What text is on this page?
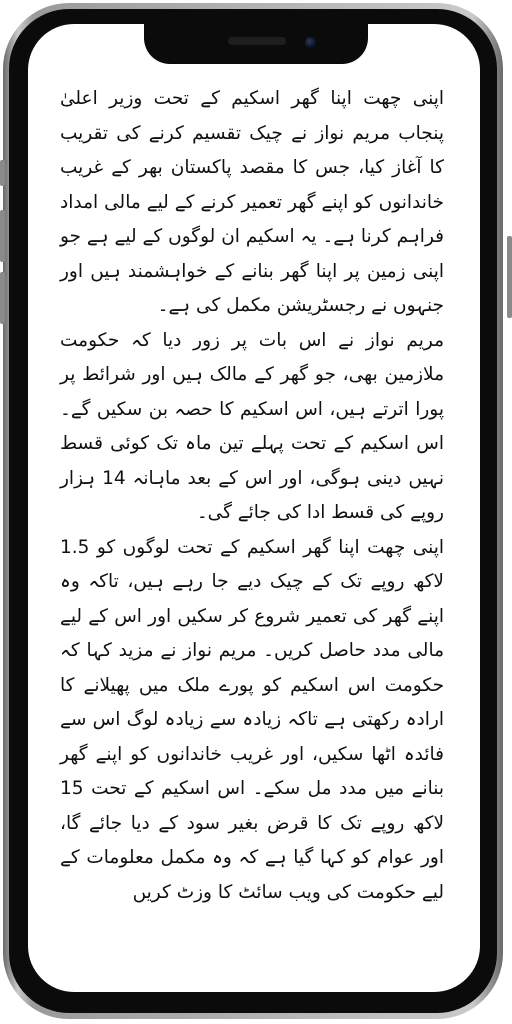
اپنی چھت اپنا گھر اسکیم کے تحت وزیر اعلیٰ پنجاب مریم نواز نے چیک تقسیم کرنے کی تقریب کا آغاز کیا، جس کا مقصد پاکستان بھر کے غریب خاندانوں کو اپنے گھر تعمیر کرنے کے لیے مالی امداد فراہم کرنا ہے۔ یہ اسکیم ان لوگوں کے لیے ہے جو اپنی زمین پر اپنا گھر بنانے کے خواہشمند ہیں اور جنہوں نے رجسٹریشن مکمل کی ہے۔

مریم نواز نے اس بات پر زور دیا کہ حکومت ملازمین بھی، جو گھر کے مالک ہیں اور شرائط پر پورا اترتے ہیں، اس اسکیم کا حصہ بن سکیں گے۔ اس اسکیم کے تحت پہلے تین ماہ تک کوئی قسط نہیں دینی ہوگی، اور اس کے بعد ماہانہ 14 ہزار روپے کی قسط ادا کی جائے گی۔

اپنی چھت اپنا گھر اسکیم کے تحت لوگوں کو 1.5 لاکھ روپے تک کے چیک دیے جا رہے ہیں، تاکہ وہ اپنے گھر کی تعمیر شروع کر سکیں اور اس کے لیے مالی مدد حاصل کریں۔ مریم نواز نے مزید کہا کہ حکومت اس اسکیم کو پورے ملک میں پھیلانے کا ارادہ رکھتی ہے تاکہ زیادہ سے زیادہ لوگ اس سے فائدہ اٹھا سکیں، اور غریب خاندانوں کو اپنے گھر بنانے میں مدد مل سکے۔ اس اسکیم کے تحت 15 لاکھ روپے تک کا قرض بغیر سود کے دیا جائے گا، اور عوام کو کہا گیا ہے کہ وہ مکمل معلومات کے لیے حکومت کی ویب سائٹ کا وزٹ کریں
